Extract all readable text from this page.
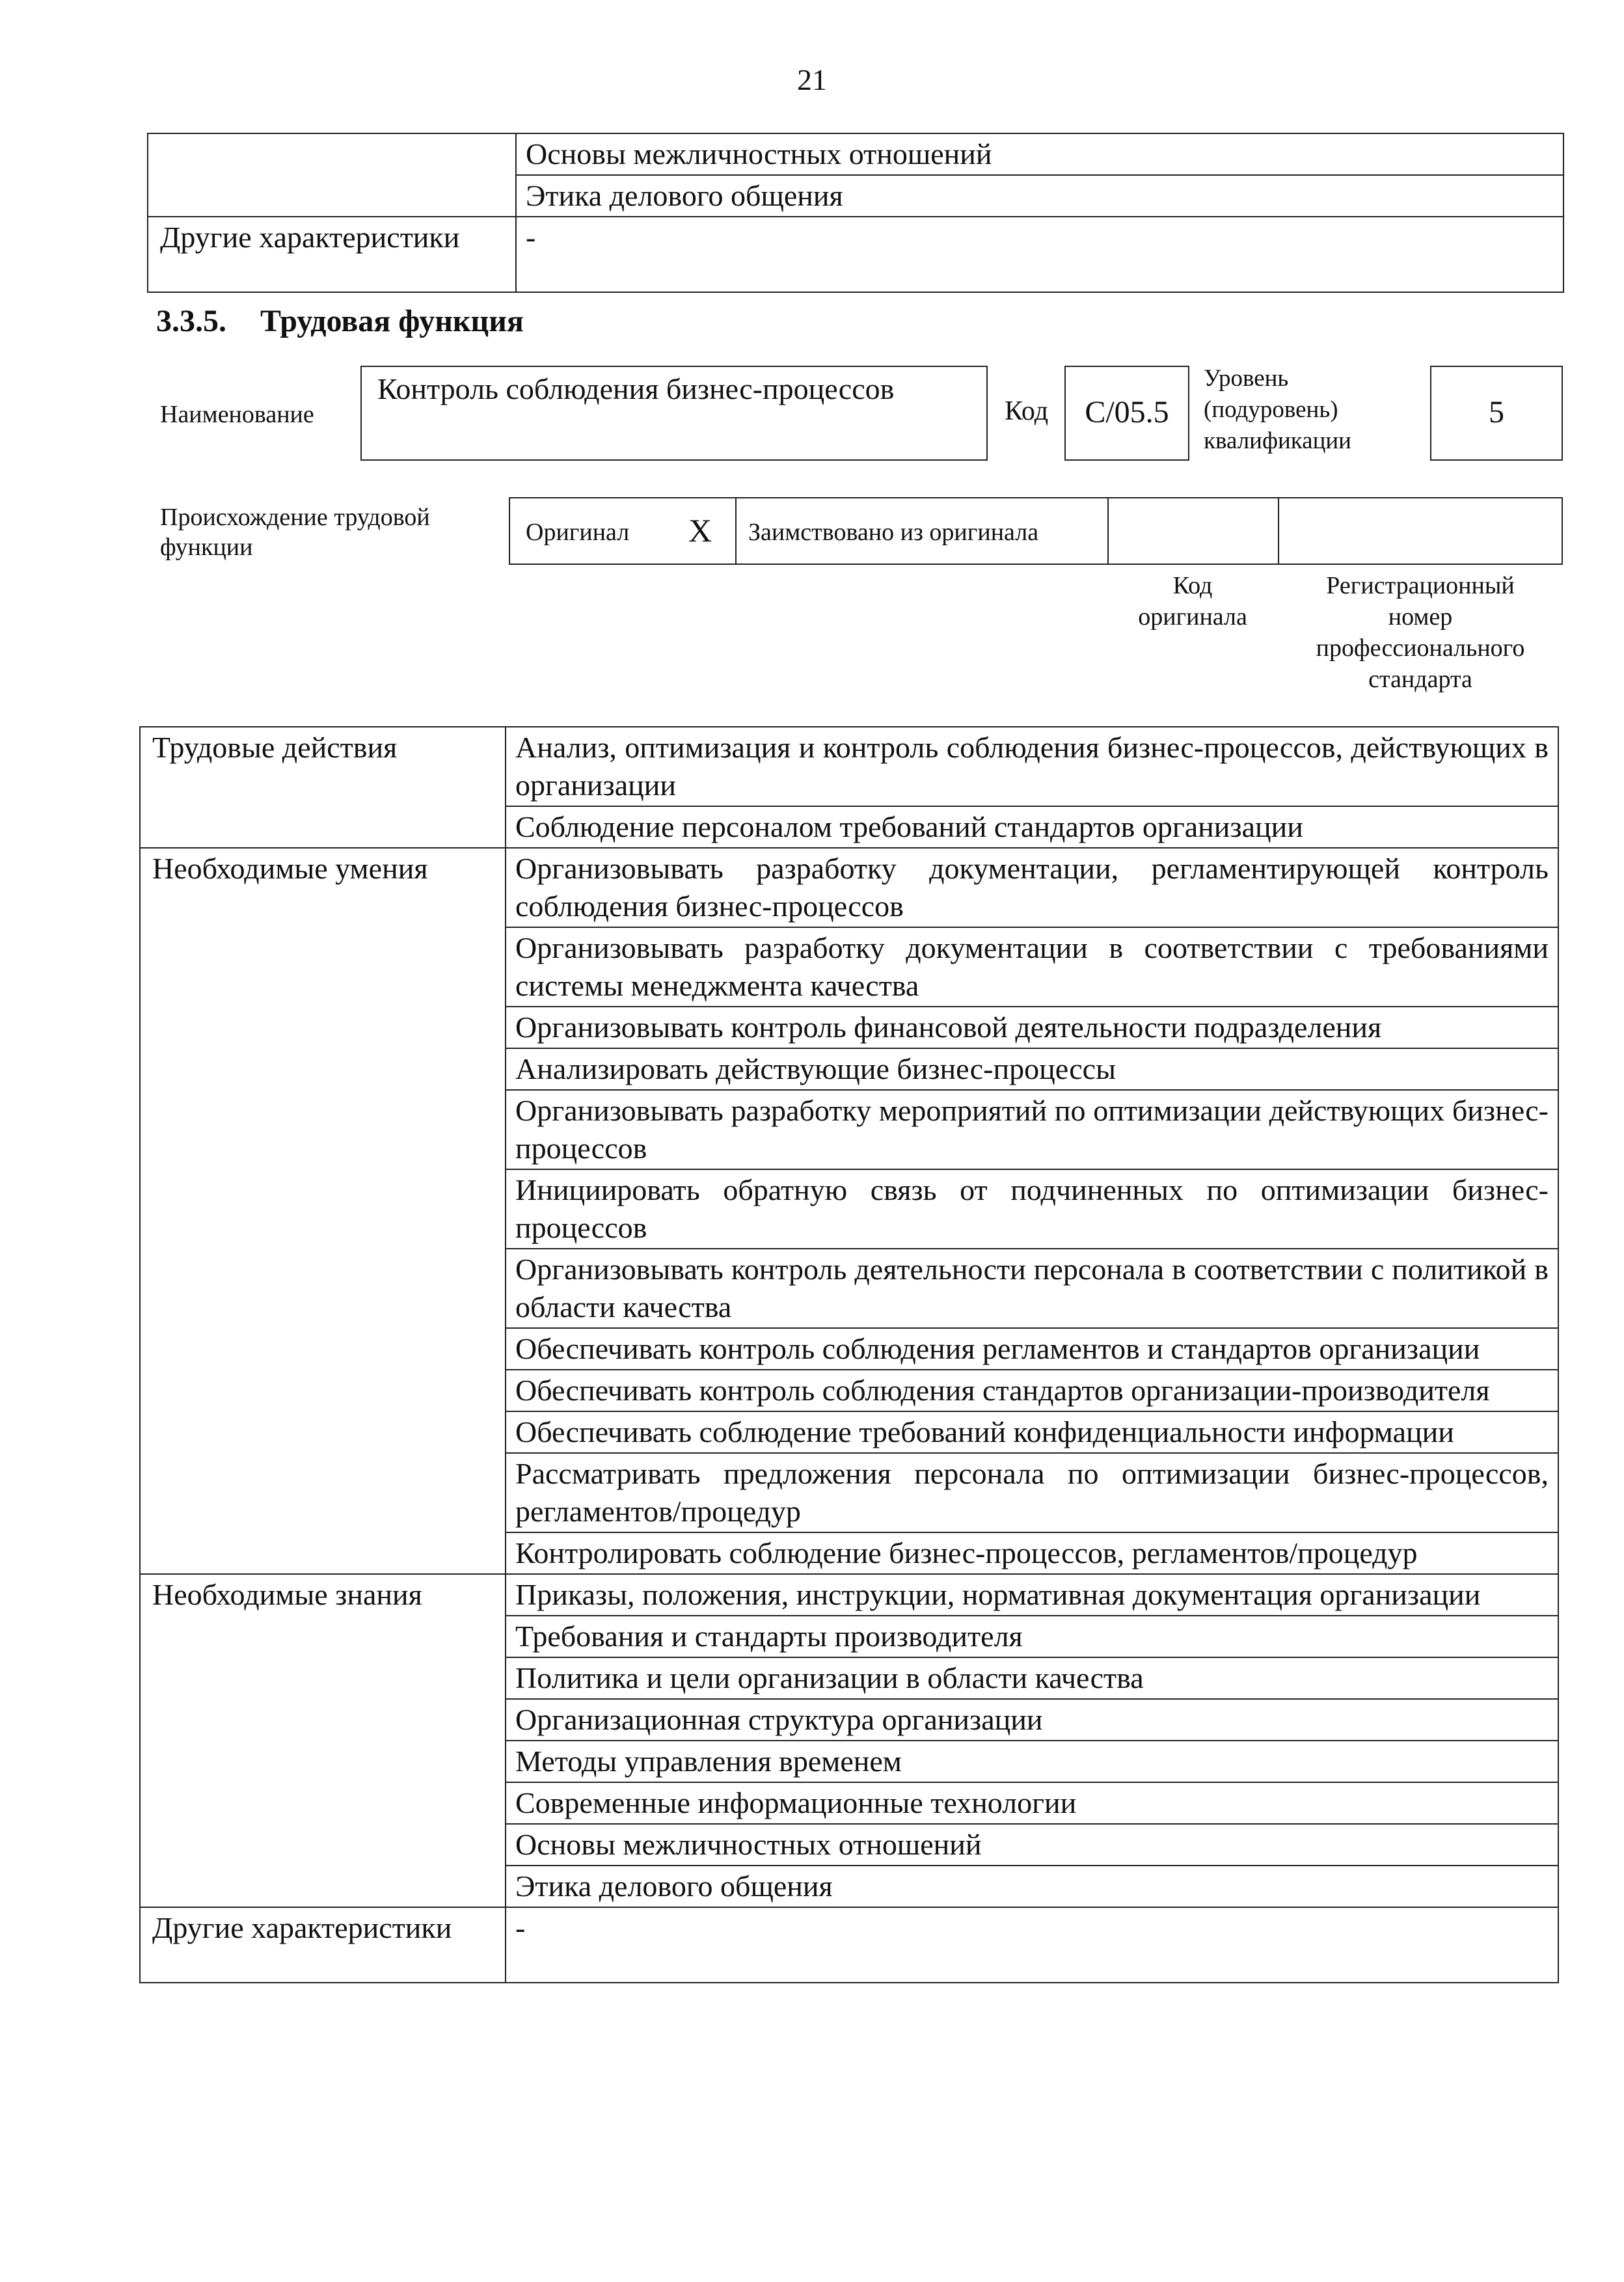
21
	Основы межличностных отношений
	Этика делового общения
Другие характеристики	-
3.3.5. Трудовая функция
Наименование
Контроль соблюдения бизнес-процессов
Код	C/05.5
Уровень
(подуровень)
квалификации
5
Происхождение трудовой
функции
Оригинал X Заимствовано из оригинала
Код
оригинала
Регистрационный
номер
профессионального
стандарта
Трудовые действия	Анализ, оптимизация и контроль соблюдения бизнес-процессов, действующих в организации
	Соблюдение персоналом требований стандартов организации
Необходимые умения	Организовывать разработку документации, регламентирующей контроль соблюдения бизнес-процессов
	Организовывать разработку документации в соответствии с требованиями системы менеджмента качества
	Организовывать контроль финансовой деятельности подразделения
	Анализировать действующие бизнес-процессы
	Организовывать разработку мероприятий по оптимизации действующих бизнес-процессов
	Инициировать обратную связь от подчиненных по оптимизации бизнес-процессов
	Организовывать контроль деятельности персонала в соответствии с политикой в области качества
	Обеспечивать контроль соблюдения регламентов и стандартов организации
	Обеспечивать контроль соблюдения стандартов организации-производителя
	Обеспечивать соблюдение требований конфиденциальности информации
	Рассматривать предложения персонала по оптимизации бизнес-процессов, регламентов/процедур
	Контролировать соблюдение бизнес-процессов, регламентов/процедур
Необходимые знания	Приказы, положения, инструкции, нормативная документация организации
	Требования и стандарты производителя
	Политика и цели организации в области качества
	Организационная структура организации
	Методы управления временем
	Современные информационные технологии
	Основы межличностных отношений
	Этика делового общения
Другие характеристики	-
